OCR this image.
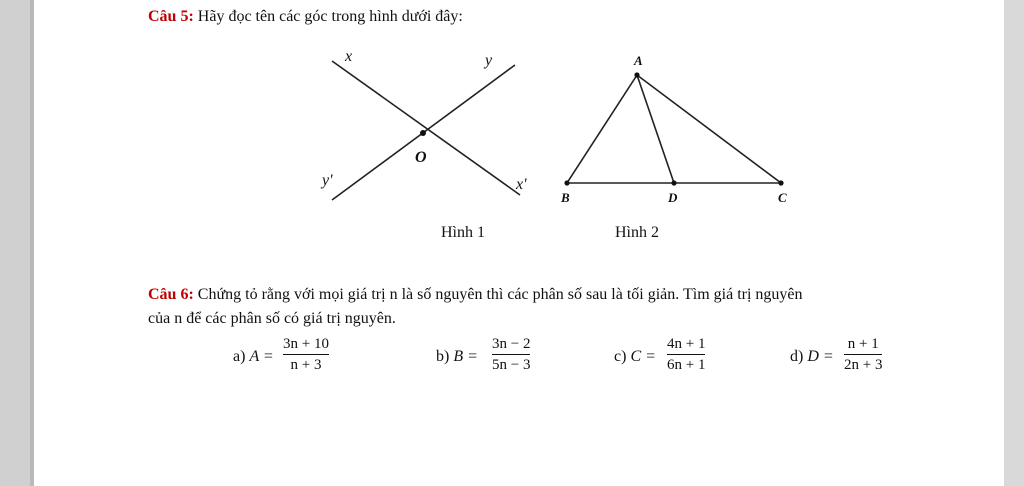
Câu 5: Hãy đọc tên các góc trong hình dưới đây:
x	y
O
y'	x'
Hình 1
A
B	D	C
Hình 2
Câu 6: Chứng tỏ rằng với mọi giá trị n là số nguyên thì các phân số sau là tối giản. Tìm giá trị nguyên
của n để các phân số có giá trị nguyên.
a) A =
3n + 10
n + 3	b) B =
3n − 2
5n − 3	c) C =
4n + 1
6n + 1	d) D =
n + 1
2n + 3
